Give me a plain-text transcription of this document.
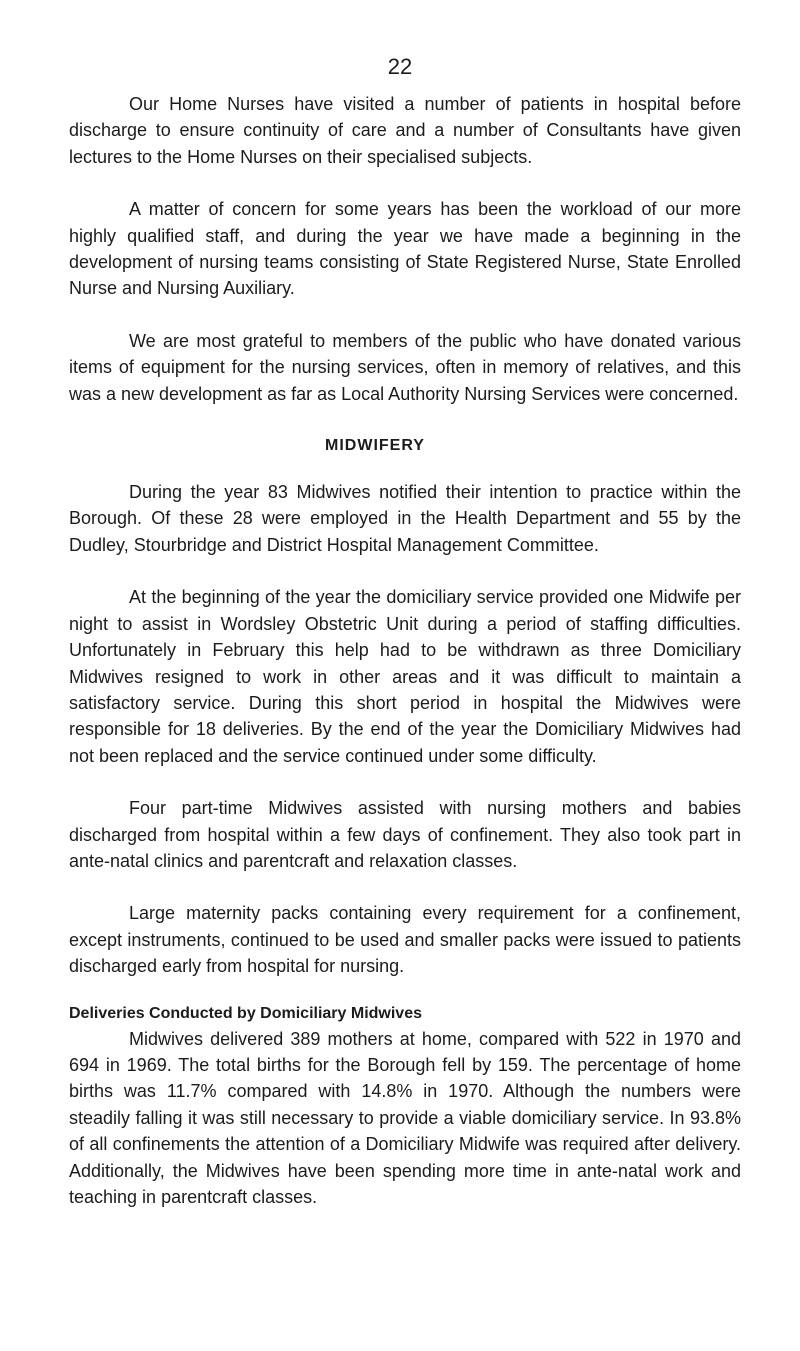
22

Our Home Nurses have visited a number of patients in hospital before discharge to ensure continuity of care and a number of Consultants have given lectures to the Home Nurses on their specialised subjects.

A matter of concern for some years has been the workload of our more highly qualified staff, and during the year we have made a beginning in the development of nursing teams consisting of State Registered Nurse, State Enrolled Nurse and Nursing Auxiliary.

We are most grateful to members of the public who have donated various items of equipment for the nursing services, often in memory of relatives, and this was a new development as far as Local Authority Nursing Services were concerned.

MIDWIFERY

During the year 83 Midwives notified their intention to practice within the Borough. Of these 28 were employed in the Health Department and 55 by the Dudley, Stourbridge and District Hospital Management Committee.

At the beginning of the year the domiciliary service provided one Midwife per night to assist in Wordsley Obstetric Unit during a period of staffing difficulties. Unfortunately in February this help had to be withdrawn as three Domiciliary Midwives resigned to work in other areas and it was difficult to maintain a satisfactory service. During this short period in hospital the Midwives were responsible for 18 deliveries. By the end of the year the Domiciliary Midwives had not been replaced and the service continued under some difficulty.

Four part-time Midwives assisted with nursing mothers and babies discharged from hospital within a few days of confinement. They also took part in ante-natal clinics and parentcraft and relaxation classes.

Large maternity packs containing every requirement for a confinement, except instruments, continued to be used and smaller packs were issued to patients discharged early from hospital for nursing.

Deliveries Conducted by Domiciliary Midwives

Midwives delivered 389 mothers at home, compared with 522 in 1970 and 694 in 1969. The total births for the Borough fell by 159. The percentage of home births was 11.7% compared with 14.8% in 1970. Although the numbers were steadily falling it was still necessary to provide a viable domiciliary service. In 93.8% of all confinements the attention of a Domiciliary Midwife was required after delivery. Additionally, the Midwives have been spending more time in ante-natal work and teaching in parentcraft classes.
